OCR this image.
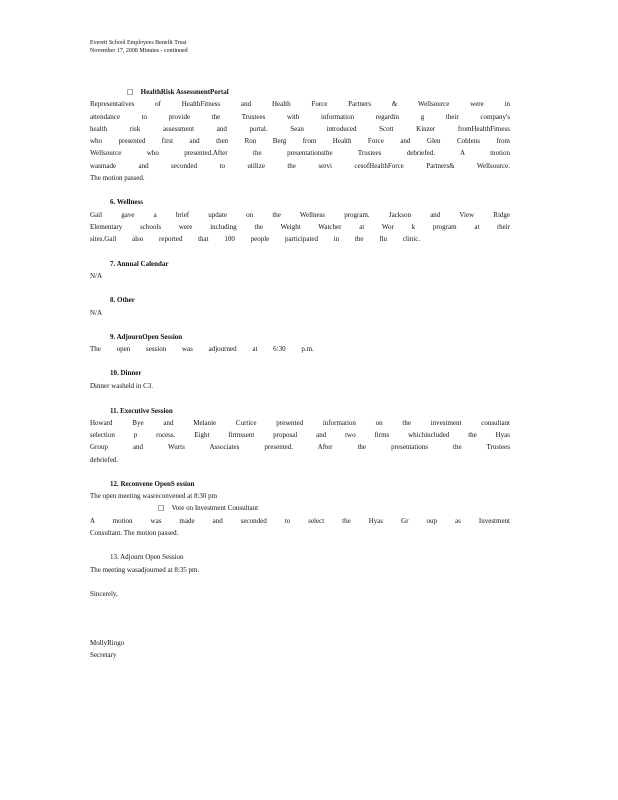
Everett School Employees Benefit Trust
November 17, 2008 Minutes - continued
□ HealthRisk AssessmentPortal
Representatives of HealthFitness and Health Force Partners & Wellsource were in
attendance to provide the Trustees with information regardin g their company's
health risk assessment and portal. Sean introduced Scott Kinzer fromHealthFitness
who presented first and then Ron Berg from Health Force and Glen Coblens from
Wellsource who presented.After the presentationsthe Trustees debriefed. A motion
wasmade and seconded to utilize the servi cesofHealthForce Partners& Wellsource.
The motion passed.
6. Wellness
Gail gave a brief update on the Wellness program. Jackson and View Ridge
Elementary schools were including the Weight Watcher at Wor k program at their
sites.Gail also reported that 100 people participated in the flu clinic.
7. Annual Calendar
N/A
8. Other
N/A
9. AdjournOpen Session
The open session was adjourned at 6:30 p.m.
10. Dinner
Dinner washeld in C3.
11. Executive Session
Howard Bye and Melanie Curtice presented information on the investment consultant
selection p rocess. Eight firmssent proposal and two firms whichincluded the Hyas
Group and Wurts Associates presented. After the presentations the Trustees
debriefed.
12. Reconvene OpenS ession
The open meeting wasreconvened at 8:30 pm
□ Vote on Investment Consultant
A motion was made and seconded to select the Hyas Gr oup as Investment
Consultant. The motion passed.
13. Adjourn Open Session
The meeting wasadjourned at 8:35 pm.
Sincerely,
MollyRingo
Secretary
